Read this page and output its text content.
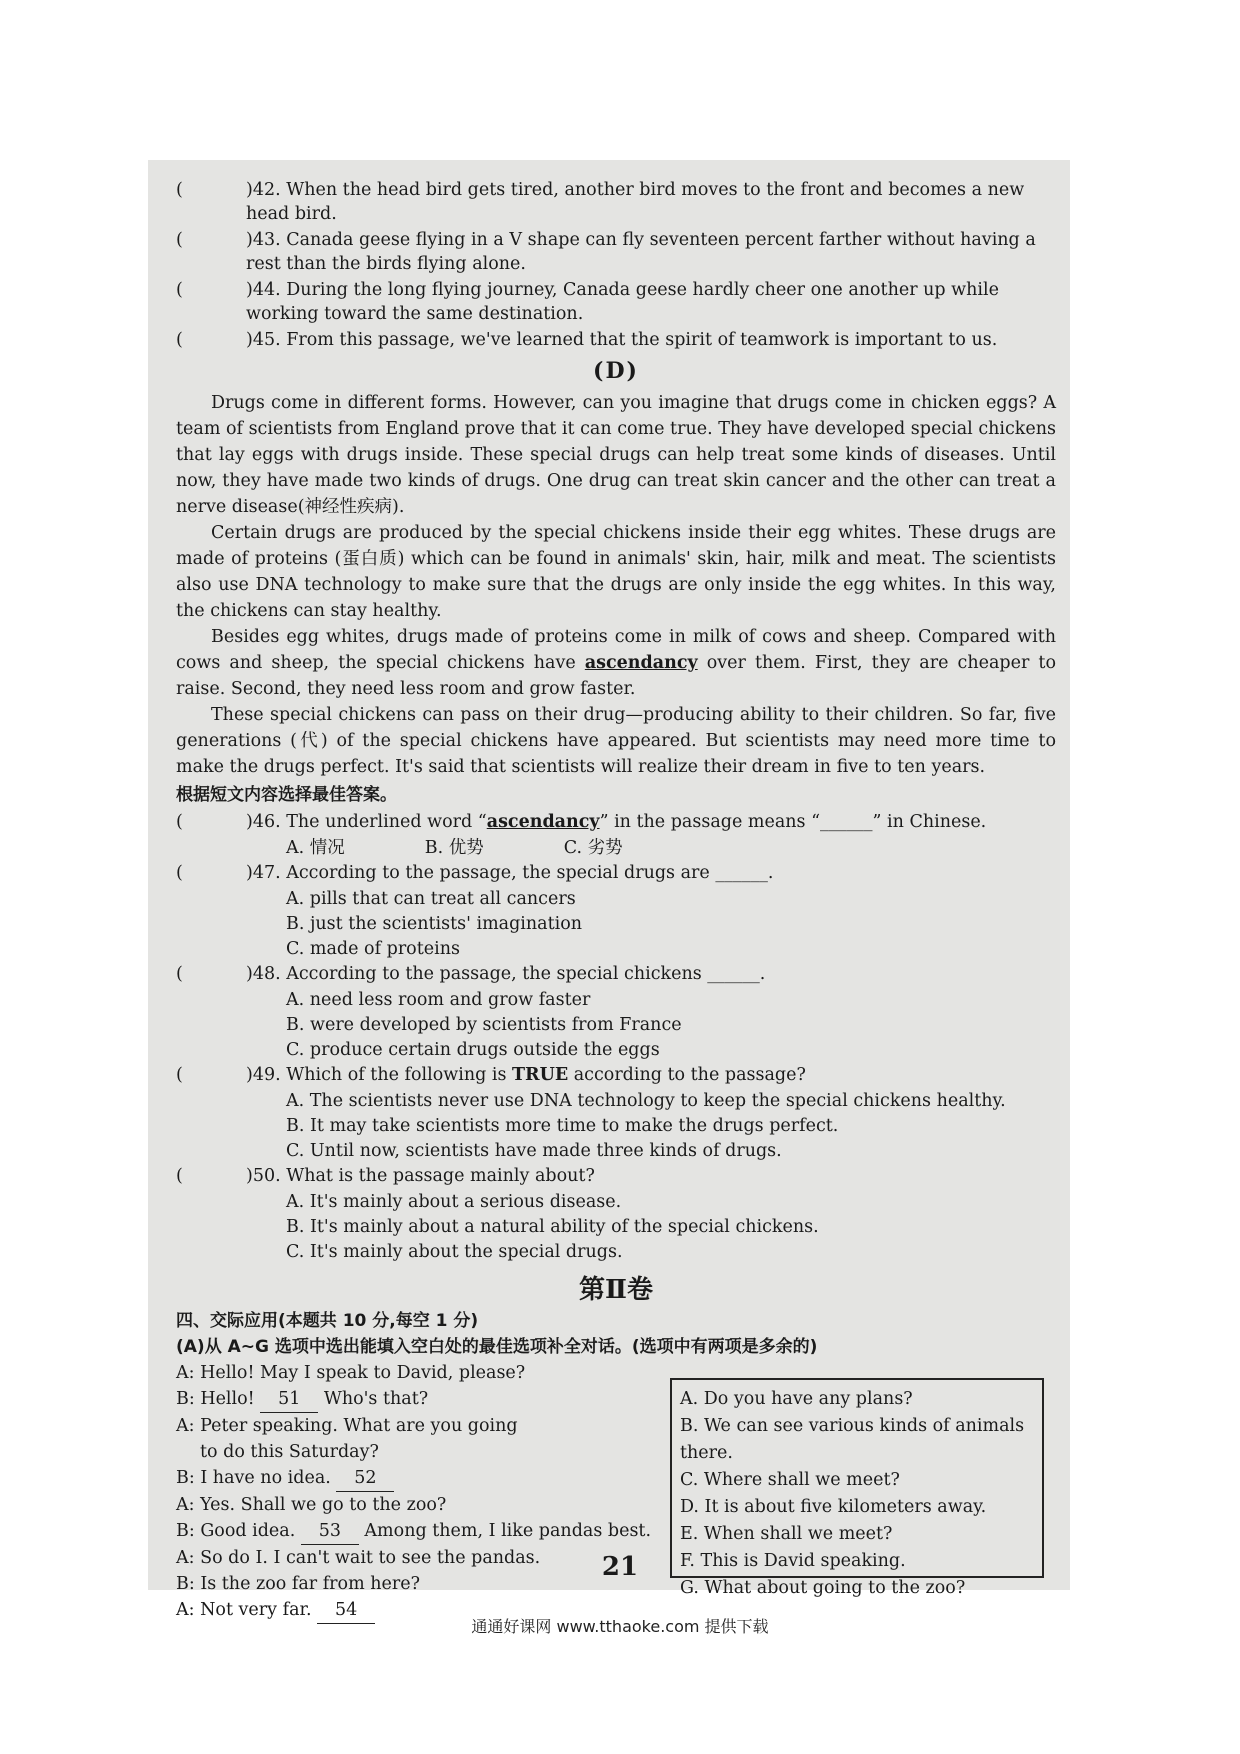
(	)42. When the head bird gets tired, another bird moves to the front and becomes a new head bird.
(	)43. Canada geese flying in a V shape can fly seventeen percent farther without having a rest than the birds flying alone.
(	)44. During the long flying journey, Canada geese hardly cheer one another up while working toward the same destination.
(	)45. From this passage, we've learned that the spirit of teamwork is important to us.
(D)

Drugs come in different forms. However, can you imagine that drugs come in chicken eggs? A team of scientists from England prove that it can come true. They have developed special chickens that lay eggs with drugs inside. These special drugs can help treat some kinds of diseases. Until now, they have made two kinds of drugs. One drug can treat skin cancer and the other can treat a nerve disease(神经性疾病).

Certain drugs are produced by the special chickens inside their egg whites. These drugs are made of proteins (蛋白质) which can be found in animals' skin, hair, milk and meat. The scientists also use DNA technology to make sure that the drugs are only inside the egg whites. In this way, the chickens can stay healthy.

Besides egg whites, drugs made of proteins come in milk of cows and sheep. Compared with cows and sheep, the special chickens have ascendancy over them. First, they are cheaper to raise. Second, they need less room and grow faster.

These special chickens can pass on their drug—producing ability to their children. So far, five generations (代) of the special chickens have appeared. But scientists may need more time to make the drugs perfect. It's said that scientists will realize their dream in five to ten years.

根据短文内容选择最佳答案。
(	)46. The underlined word “ascendancy” in the passage means “______” in Chinese.
A. 情况	B. 优势	C. 劣势
(	)47. According to the passage, the special drugs are ______.
A. pills that can treat all cancers
B. just the scientists' imagination
C. made of proteins
(	)48. According to the passage, the special chickens ______.
A. need less room and grow faster
B. were developed by scientists from France
C. produce certain drugs outside the eggs
(	)49. Which of the following is TRUE according to the passage?
A. The scientists never use DNA technology to keep the special chickens healthy.
B. It may take scientists more time to make the drugs perfect.
C. Until now, scientists have made three kinds of drugs.
(	)50. What is the passage mainly about?
A. It's mainly about a serious disease.
B. It's mainly about a natural ability of the special chickens.
C. It's mainly about the special drugs.
第Ⅱ卷
四、交际应用(本题共 10 分,每空 1 分)
(A)从 A~G 选项中选出能填入空白处的最佳选项补全对话。(选项中有两项是多余的)
A: Hello! May I speak to David, please?
B: Hello! 51 Who's that?
A: Peter speaking. What are you going
to do this Saturday?
B: I have no idea. 52
A: Yes. Shall we go to the zoo?
B: Good idea. 53 Among them, I like pandas best.
A: So do I. I can't wait to see the pandas.
B: Is the zoo far from here?
A: Not very far. 54
A. Do you have any plans?
B. We can see various kinds of animals there.
C. Where shall we meet?
D. It is about five kilometers away.
E. When shall we meet?
F. This is David speaking.
G. What about going to the zoo?
21
通通好课网 www.tthaoke.com 提供下载
